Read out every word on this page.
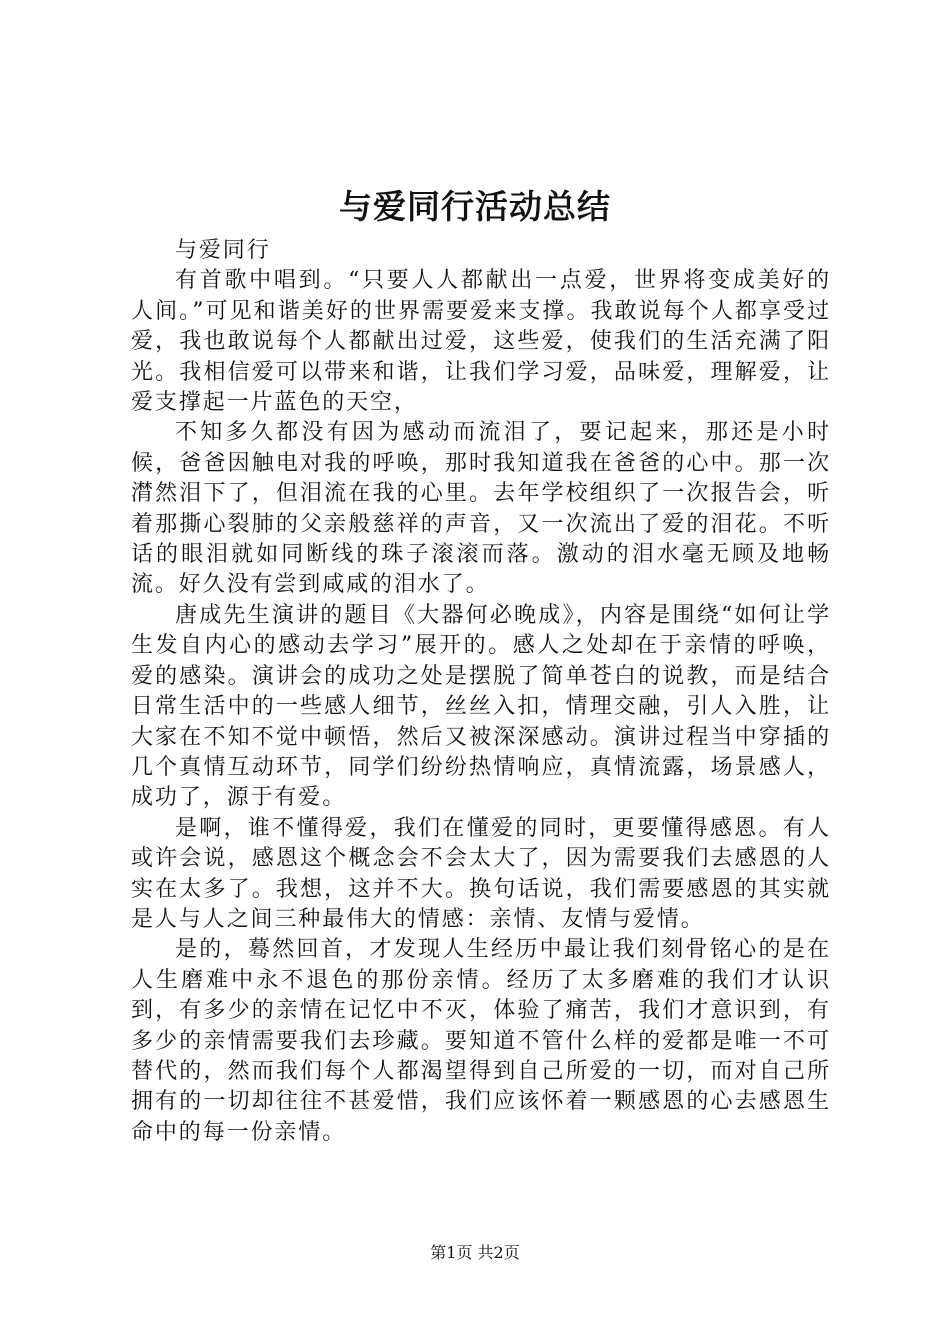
与爱同行活动总结

与爱同行

有首歌中唱到。“只要人人都献出一点爱，世界将变成美好的人间。”可见和谐美好的世界需要爱来支撑。我敢说每个人都享受过爱，我也敢说每个人都献出过爱，这些爱，使我们的生活充满了阳光。我相信爱可以带来和谐，让我们学习爱，品味爱，理解爱，让爱支撑起一片蓝色的天空，

不知多久都没有因为感动而流泪了，要记起来，那还是小时候，爸爸因触电对我的呼唤，那时我知道我在爸爸的心中。那一次潸然泪下了，但泪流在我的心里。去年学校组织了一次报告会，听着那撕心裂肺的父亲般慈祥的声音，又一次流出了爱的泪花。不听话的眼泪就如同断线的珠子滚滚而落。激动的泪水毫无顾及地畅流。好久没有尝到咸咸的泪水了。

唐成先生演讲的题目《大器何必晚成》，内容是围绕“如何让学生发自内心的感动去学习”展开的。感人之处却在于亲情的呼唤，爱的感染。演讲会的成功之处是摆脱了简单苍白的说教，而是结合日常生活中的一些感人细节，丝丝入扣，情理交融，引人入胜，让大家在不知不觉中顿悟，然后又被深深感动。演讲过程当中穿插的几个真情互动环节，同学们纷纷热情响应，真情流露，场景感人，成功了，源于有爱。

是啊，谁不懂得爱，我们在懂爱的同时，更要懂得感恩。有人或许会说，感恩这个概念会不会太大了，因为需要我们去感恩的人实在太多了。我想，这并不大。换句话说，我们需要感恩的其实就是人与人之间三种最伟大的情感：亲情、友情与爱情。

是的，蓦然回首，才发现人生经历中最让我们刻骨铭心的是在人生磨难中永不退色的那份亲情。经历了太多磨难的我们才认识到，有多少的亲情在记忆中不灭，体验了痛苦，我们才意识到，有多少的亲情需要我们去珍藏。要知道不管什么样的爱都是唯一不可替代的，然而我们每个人都渴望得到自己所爱的一切，而对自己所拥有的一切却往往不甚爱惜，我们应该怀着一颗感恩的心去感恩生命中的每一份亲情。

第1页 共2页
